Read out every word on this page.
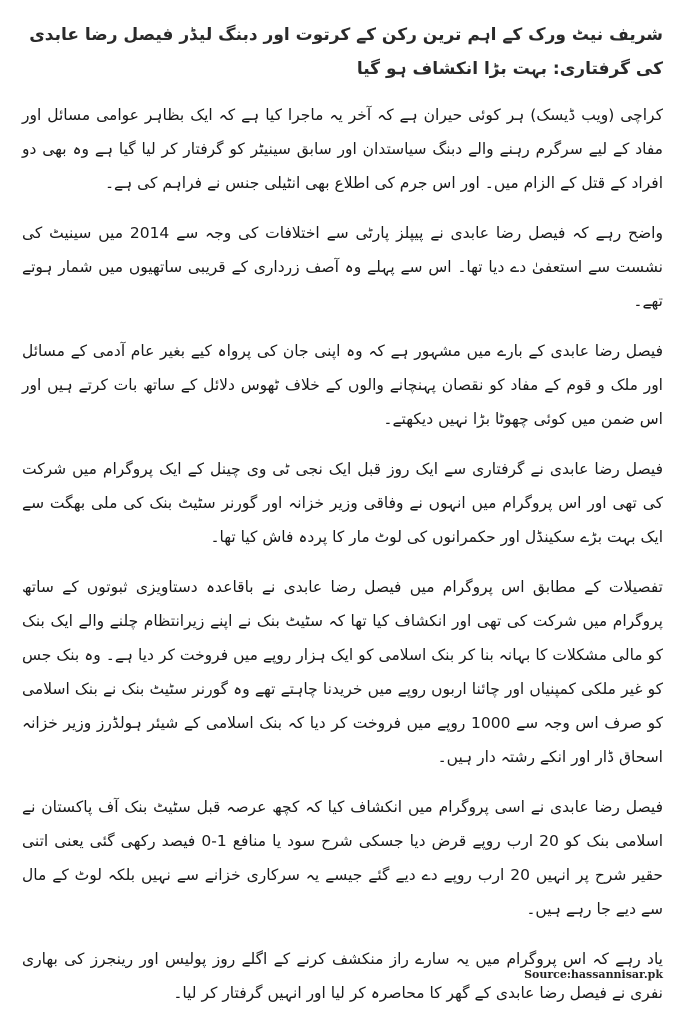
شریف نیٹ ورک کے اہم ترین رکن کے کرتوت اور دبنگ لیڈر فیصل رضا عابدی کی گرفتاری: بہت بڑا انکشاف ہو گیا

کراچی (ویب ڈیسک) ہر کوئی حیران ہے کہ آخر یہ ماجرا کیا ہے کہ ایک بظاہر عوامی مسائل اور مفاد کے لیے سرگرم رہنے والے دبنگ سیاستدان اور سابق سینیٹر کو گرفتار کر لیا گیا ہے وہ بھی دو افراد کے قتل کے الزام میں۔ اور اس جرم کی اطلاع بھی انٹیلی جنس نے فراہم کی ہے۔

واضح رہے کہ فیصل رضا عابدی نے پیپلز پارٹی سے اختلافات کی وجہ سے 2014 میں سینیٹ کی نشست سے استعفیٰ دے دیا تھا۔ اس سے پہلے وہ آصف زرداری کے قریبی ساتھیوں میں شمار ہوتے تھے۔

فیصل رضا عابدی کے بارے میں مشہور ہے کہ وہ اپنی جان کی پرواہ کیے بغیر عام آدمی کے مسائل اور ملک و قوم کے مفاد کو نقصان پہنچانے والوں کے خلاف ٹھوس دلائل کے ساتھ بات کرتے ہیں اور اس ضمن میں کوئی چھوٹا بڑا نہیں دیکھتے۔

فیصل رضا عابدی نے گرفتاری سے ایک روز قبل ایک نجی ٹی وی چینل کے ایک پروگرام میں شرکت کی تھی اور اس پروگرام میں انہوں نے وفاقی وزیر خزانہ اور گورنر سٹیٹ بنک کی ملی بھگت سے ایک بہت بڑے سکینڈل اور حکمرانوں کی لوٹ مار کا پردہ فاش کیا تھا۔

تفصیلات کے مطابق اس پروگرام میں فیصل رضا عابدی نے باقاعدہ دستاویزی ثبوتوں کے ساتھ پروگرام میں شرکت کی تھی اور انکشاف کیا تھا کہ سٹیٹ بنک نے اپنے زیرانتظام چلنے والے ایک بنک کو مالی مشکلات کا بہانہ بنا کر بنک اسلامی کو ایک ہزار روپے میں فروخت کر دیا ہے۔ وہ بنک جس کو غیر ملکی کمپنیاں اور چائنا اربوں روپے میں خریدنا چاہتے تھے وہ گورنر سٹیٹ بنک نے بنک اسلامی کو صرف اس وجہ سے 1000 روپے میں فروخت کر دیا کہ بنک اسلامی کے شیئر ہولڈرز وزیر خزانہ اسحاق ڈار اور انکے رشتہ دار ہیں۔

فیصل رضا عابدی نے اسی پروگرام میں انکشاف کیا کہ کچھ عرصہ قبل سٹیٹ بنک آف پاکستان نے اسلامی بنک کو 20 ارب روپے قرض دیا جسکی شرح سود یا منافع 1-0 فیصد رکھی گئی یعنی اتنی حقیر شرح پر انہیں 20 ارب روپے دے دیے گئے جیسے یہ سرکاری خزانے سے نہیں بلکہ لوٹ کے مال سے دیے جا رہے ہیں۔

یاد رہے کہ اس پروگرام میں یہ سارے راز منکشف کرنے کے اگلے روز پولیس اور رینجرز کی بھاری نفری نے فیصل رضا عابدی کے گھر کا محاصرہ کر لیا اور انہیں گرفتار کر لیا۔

Source:hassannisar.pk
